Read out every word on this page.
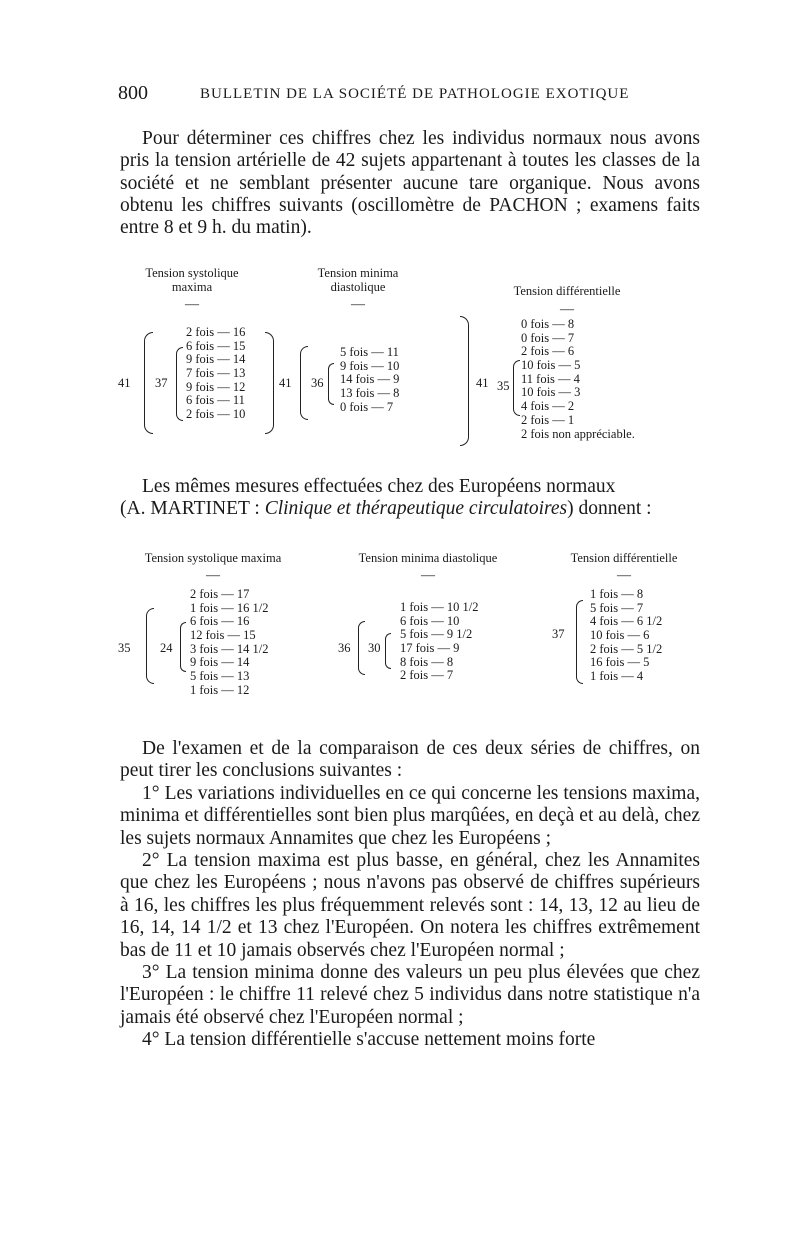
800	BULLETIN DE LA SOCIÉTÉ DE PATHOLOGIE EXOTIQUE

Pour déterminer ces chiffres chez les individus normaux nous avons pris la tension artérielle de 42 sujets appartenant à toutes les classes de la société et ne semblant présenter aucune tare organique. Nous avons obtenu les chiffres suivants (oscillomètre de PACHON ; examens faits entre 8 et 9 h. du matin).

Tension systolique
maxima
—
Tension minima
diastolique
—
Tension différentielle
—
41 37
2 fois — 16
6 fois — 15
9 fois — 14
7 fois — 13
9 fois — 12
6 fois — 11
2 fois — 10
41 36
5 fois — 11
9 fois — 10
14 fois — 9
13 fois — 8
0 fois — 7
41 35
0 fois — 8
0 fois — 7
2 fois — 6
10 fois — 5
11 fois — 4
10 fois — 3
4 fois — 2
2 fois — 1
2 fois non appréciable.

Les mêmes mesures effectuées chez des Européens normaux

(A. MARTINET : Clinique et thérapeutique circulatoires) donnent :

Tension systolique maxima
—
Tension minima diastolique
—
Tension différentielle
—
35 24
2 fois — 17
1 fois — 16 1/2
6 fois — 16
12 fois — 15
3 fois — 14 1/2
9 fois — 14
5 fois — 13
1 fois — 12
36 30
1 fois — 10 1/2
6 fois — 10
5 fois — 9 1/2
17 fois — 9
8 fois — 8
2 fois — 7
37
1 fois — 8
5 fois — 7
4 fois — 6 1/2
10 fois — 6
2 fois — 5 1/2
16 fois — 5
1 fois — 4

De l'examen et de la comparaison de ces deux séries de chiffres, on peut tirer les conclusions suivantes :

1° Les variations individuelles en ce qui concerne les tensions maxima, minima et différentielles sont bien plus marqûées, en deçà et au delà, chez les sujets normaux Annamites que chez les Européens ;

2° La tension maxima est plus basse, en général, chez les Annamites que chez les Européens ; nous n'avons pas observé de chiffres supérieurs à 16, les chiffres les plus fréquemment relevés sont : 14, 13, 12 au lieu de 16, 14, 14 1/2 et 13 chez l'Européen. On notera les chiffres extrêmement bas de 11 et 10 jamais observés chez l'Européen normal ;

3° La tension minima donne des valeurs un peu plus élevées que chez l'Européen : le chiffre 11 relevé chez 5 individus dans notre statistique n'a jamais été observé chez l'Européen normal ;

4° La tension différentielle s'accuse nettement moins forte
